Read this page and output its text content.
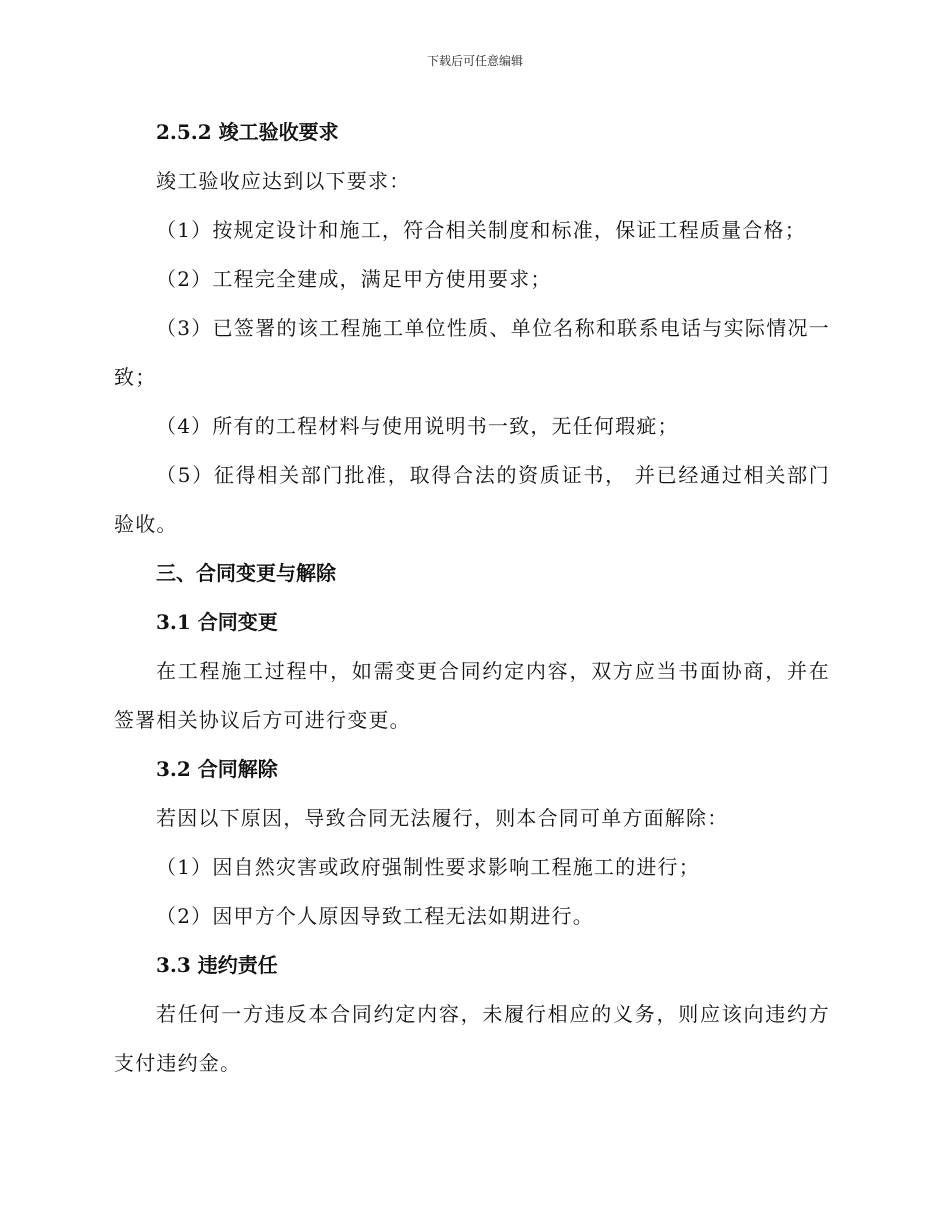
下载后可任意编辑

2.5.2 竣工验收要求

竣工验收应达到以下要求：

（1）按规定设计和施工，符合相关制度和标准，保证工程质量合格；

（2）工程完全建成，满足甲方使用要求；

（3）已签署的该工程施工单位性质、单位名称和联系电话与实际情况一致；

（4）所有的工程材料与使用说明书一致，无任何瑕疵；

（5）征得相关部门批准，取得合法的资质证书， 并已经通过相关部门验收。

三、合同变更与解除

3.1 合同变更

在工程施工过程中，如需变更合同约定内容，双方应当书面协商，并在签署相关协议后方可进行变更。

3.2 合同解除

若因以下原因，导致合同无法履行，则本合同可单方面解除：

（1）因自然灾害或政府强制性要求影响工程施工的进行；

（2）因甲方个人原因导致工程无法如期进行。

3.3 违约责任

若任何一方违反本合同约定内容，未履行相应的义务，则应该向违约方支付违约金。
